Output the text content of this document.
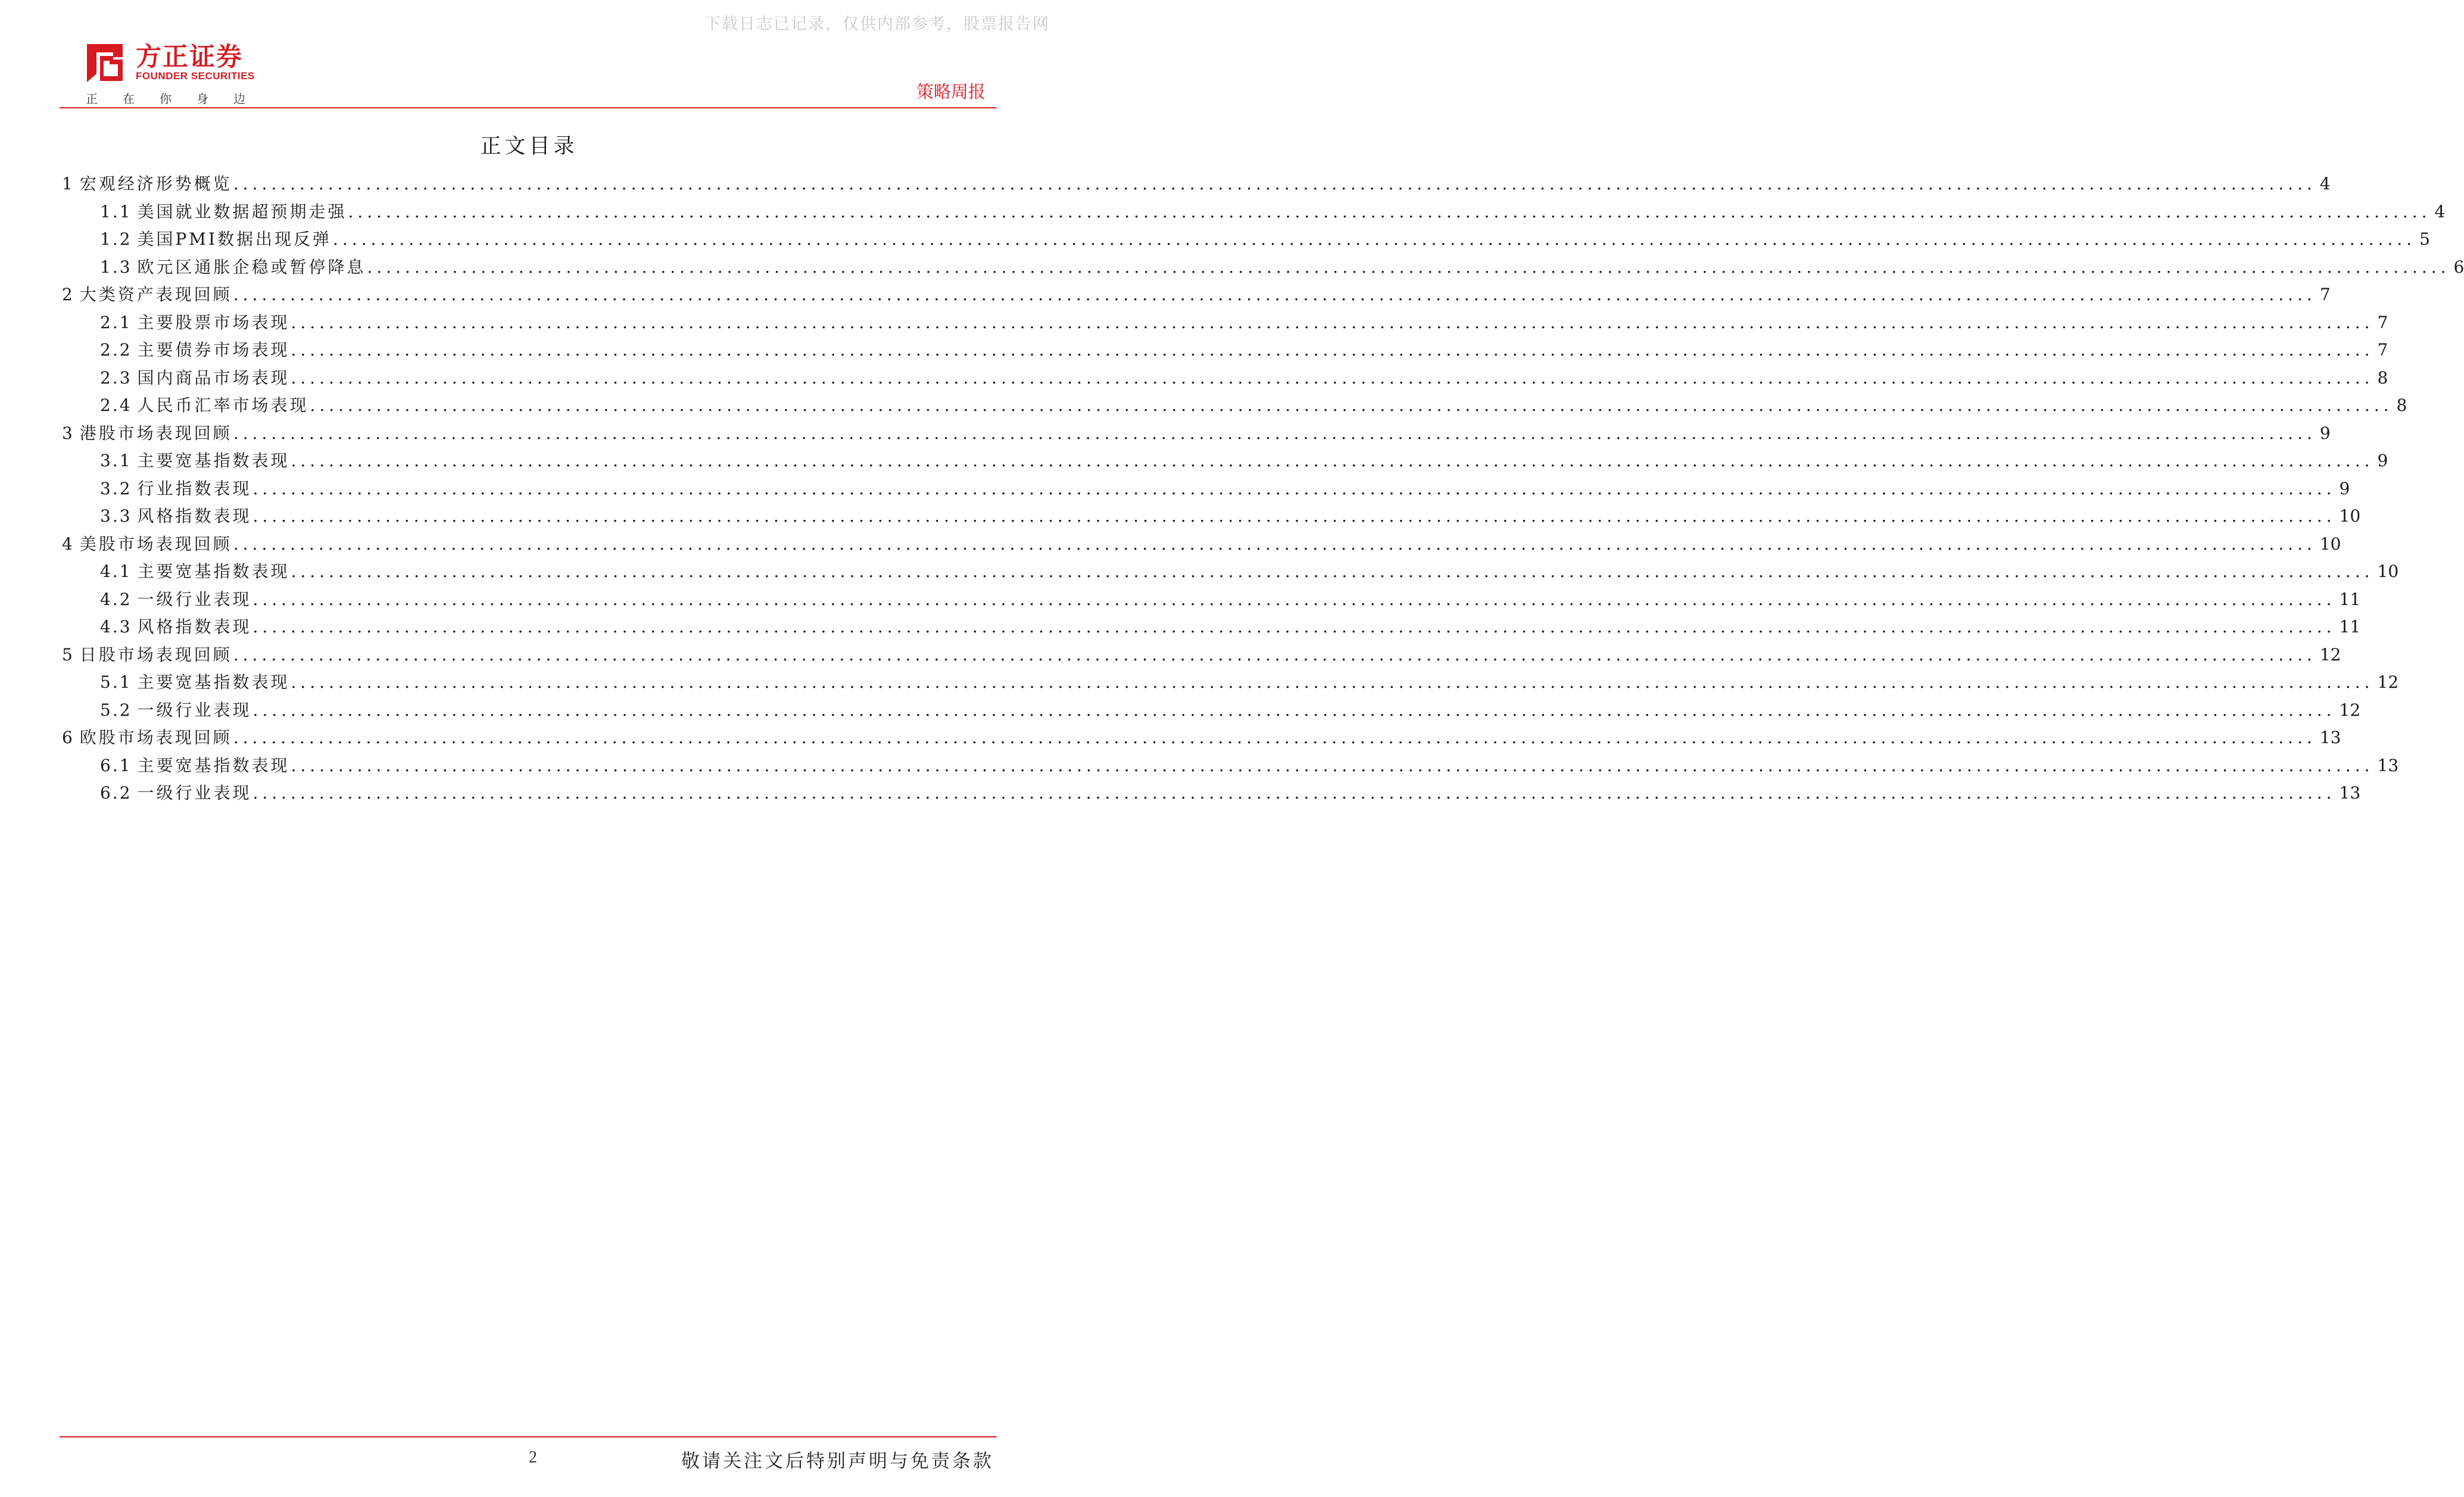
下载日志已记录，仅供内部参考，股票报告网
方正证券
FOUNDER SECURITIES
正在你身边	策略周报
正文目录
1
宏观经济形势概览 ............................................................................................................................................................................................................................ 4
1.1
美国就业数据超预期走强 ............................................................................................................................................................................................................................ 4
1.2
美国PMI数据出现反弹 ............................................................................................................................................................................................................................ 5
1.3
欧元区通胀企稳或暂停降息 ............................................................................................................................................................................................................................ 6
2
大类资产表现回顾 ............................................................................................................................................................................................................................ 7
2.1
主要股票市场表现 ............................................................................................................................................................................................................................ 7
2.2
主要债券市场表现 ............................................................................................................................................................................................................................ 7
2.3
国内商品市场表现 ............................................................................................................................................................................................................................ 8
2.4
人民币汇率市场表现 ............................................................................................................................................................................................................................ 8
3
港股市场表现回顾 ............................................................................................................................................................................................................................ 9
3.1
主要宽基指数表现 ............................................................................................................................................................................................................................ 9
3.2
行业指数表现 ............................................................................................................................................................................................................................ 9
3.3
风格指数表现 ............................................................................................................................................................................................................................ 10
4
美股市场表现回顾 ............................................................................................................................................................................................................................ 10
4.1
主要宽基指数表现 ............................................................................................................................................................................................................................ 10
4.2
一级行业表现 ............................................................................................................................................................................................................................ 11
4.3
风格指数表现 ............................................................................................................................................................................................................................ 11
5
日股市场表现回顾 ............................................................................................................................................................................................................................ 12
5.1
主要宽基指数表现 ............................................................................................................................................................................................................................ 12
5.2
一级行业表现 ............................................................................................................................................................................................................................ 12
6
欧股市场表现回顾 ............................................................................................................................................................................................................................ 13
6.1
主要宽基指数表现 ............................................................................................................................................................................................................................ 13
6.2
一级行业表现 ............................................................................................................................................................................................................................ 13
2	敬请关注文后特别声明与免责条款
